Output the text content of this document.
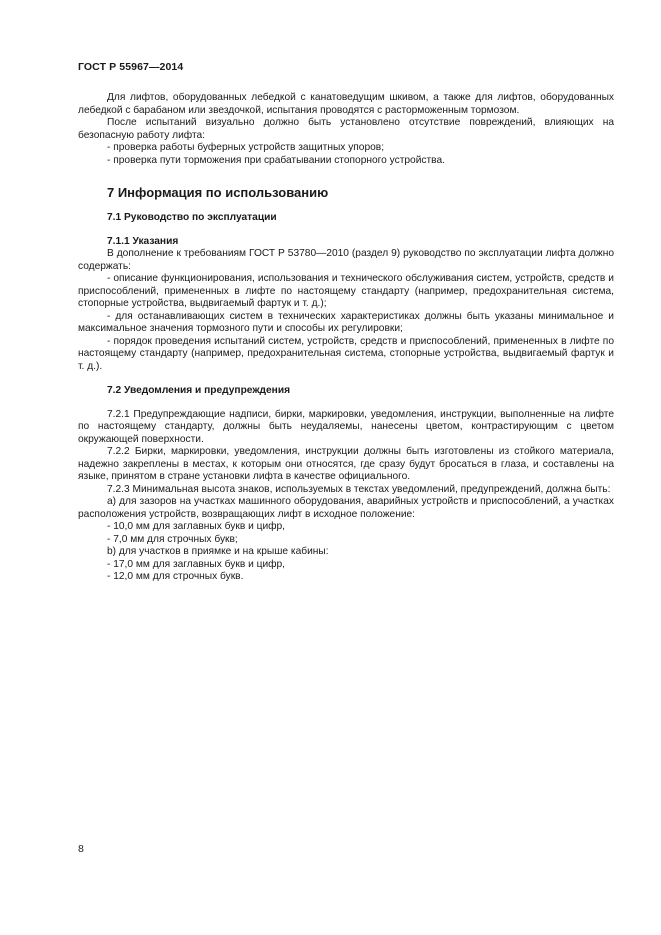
ГОСТ Р 55967—2014

Для лифтов, оборудованных лебедкой с канатоведущим шкивом, а также для лифтов, оборудованных лебедкой с барабаном или звездочкой, испытания проводятся с расторможенным тормозом.

После испытаний визуально должно быть установлено отсутствие повреждений, влияющих на безопасную работу лифта:

- проверка работы буферных устройств защитных упоров;

- проверка пути торможения при срабатывании стопорного устройства.

7 Информация по использованию
7.1 Руководство по эксплуатации
7.1.1 Указания

В дополнение к требованиям ГОСТ Р 53780—2010 (раздел 9) руководство по эксплуатации лифта должно содержать:

- описание функционирования, использования и технического обслуживания систем, устройств, средств и приспособлений, примененных в лифте по настоящему стандарту (например, предохранительная система, стопорные устройства, выдвигаемый фартук и т. д.);

- для останавливающих систем в технических характеристиках должны быть указаны минимальное и максимальное значения тормозного пути и способы их регулировки;

- порядок проведения испытаний систем, устройств, средств и приспособлений, примененных в лифте по настоящему стандарту (например, предохранительная система, стопорные устройства, выдвигаемый фартук и т. д.).

7.2 Уведомления и предупреждения

7.2.1 Предупреждающие надписи, бирки, маркировки, уведомления, инструкции, выполненные на лифте по настоящему стандарту, должны быть неудаляемы, нанесены цветом, контрастирующим с цветом окружающей поверхности.

7.2.2 Бирки, маркировки, уведомления, инструкции должны быть изготовлены из стойкого материала, надежно закреплены в местах, к которым они относятся, где сразу будут бросаться в глаза, и составлены на языке, принятом в стране установки лифта в качестве официального.

7.2.3 Минимальная высота знаков, используемых в текстах уведомлений, предупреждений, должна быть:

a) для зазоров на участках машинного оборудования, аварийных устройств и приспособлений, а участках расположения устройств, возвращающих лифт в исходное положение:

- 10,0 мм для заглавных букв и цифр,

- 7,0 мм для строчных букв;

b) для участков в приямке и на крыше кабины:

- 17,0 мм для заглавных букв и цифр,

- 12,0 мм для строчных букв.

8
